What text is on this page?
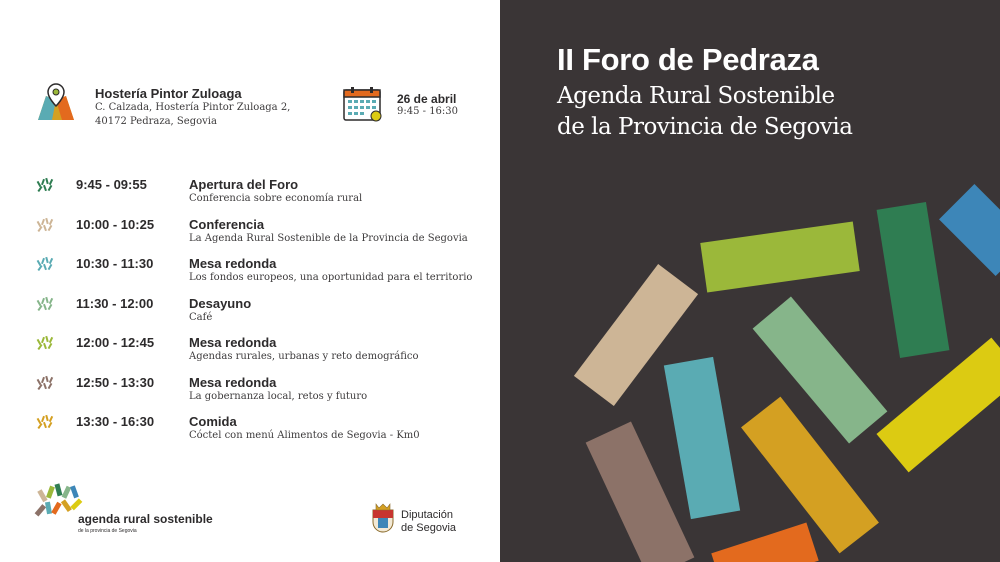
Hostería Pintor Zuloaga
C. Calzada, Hostería Pintor Zuloaga 2,
40172 Pedraza, Segovia
26 de abril
9:45 - 16:30
9:45 - 09:55	Apertura del Foro
Conferencia sobre economía rural
10:00 - 10:25	Conferencia
La Agenda Rural Sostenible de la Provincia de Segovia
10:30 - 11:30	Mesa redonda
Los fondos europeos, una oportunidad para el territorio
11:30 - 12:00	Desayuno
Café
12:00 - 12:45	Mesa redonda
Agendas rurales, urbanas y reto demográfico
12:50 - 13:30	Mesa redonda
La gobernanza local, retos y futuro
13:30 - 16:30	Comida
Cóctel con menú Alimentos de Segovia - Km0
agenda rural sostenible
de la provincia de Segovia
Diputación
de Segovia
II Foro de Pedraza
Agenda Rural Sostenible
de la Provincia de Segovia
